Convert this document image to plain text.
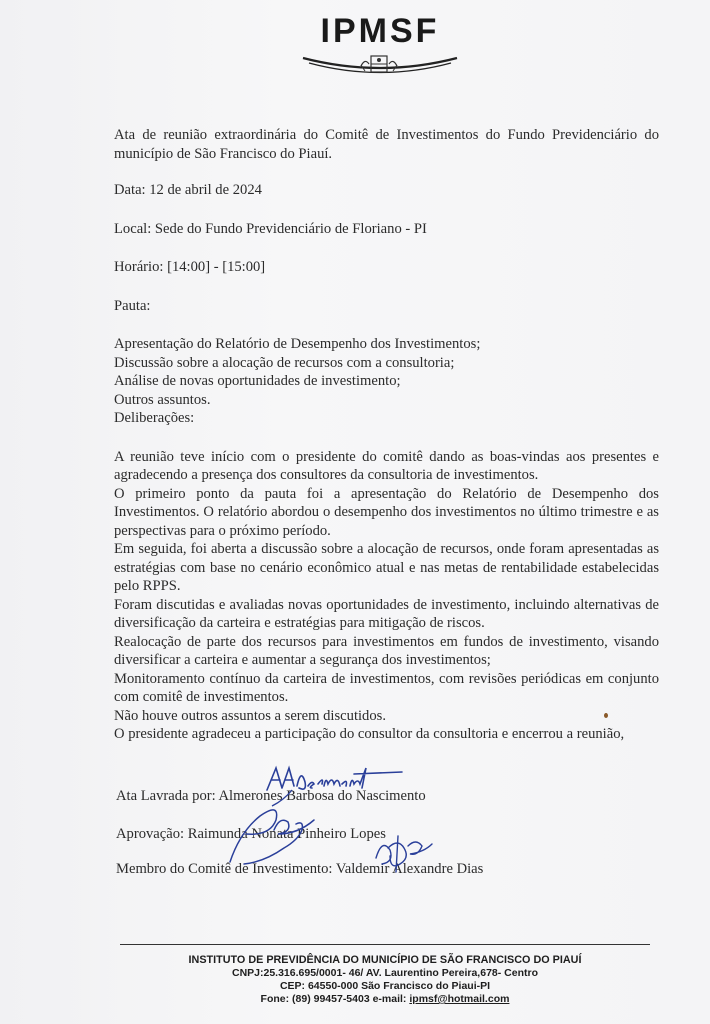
IPMSF

Ata de reunião extraordinária do Comitê de Investimentos do Fundo Previdenciário do município de São Francisco do Piauí.

Data: 12 de abril de 2024

Local: Sede do Fundo Previdenciário de Floriano - PI

Horário: [14:00] - [15:00]

Pauta:

Apresentação do Relatório de Desempenho dos Investimentos;

Discussão sobre a alocação de recursos com a consultoria;

Análise de novas oportunidades de investimento;

Outros assuntos.

Deliberações:

A reunião teve início com o presidente do comitê dando as boas-vindas aos presentes e agradecendo a presença dos consultores da consultoria de investimentos.

O primeiro ponto da pauta foi a apresentação do Relatório de Desempenho dos Investimentos. O relatório abordou o desempenho dos investimentos no último trimestre e as perspectivas para o próximo período.

Em seguida, foi aberta a discussão sobre a alocação de recursos, onde foram apresentadas as estratégias com base no cenário econômico atual e nas metas de rentabilidade estabelecidas pelo RPPS.

Foram discutidas e avaliadas novas oportunidades de investimento, incluindo alternativas de diversificação da carteira e estratégias para mitigação de riscos.

Realocação de parte dos recursos para investimentos em fundos de investimento, visando diversificar a carteira e aumentar a segurança dos investimentos;

Monitoramento contínuo da carteira de investimentos, com revisões periódicas em conjunto com comitê de investimentos.

Não houve outros assuntos a serem discutidos.

O presidente agradeceu a participação do consultor da consultoria e encerrou a reunião,

Ata Lavrada por: Almerones Barbosa do Nascimento
Aprovação: Raimunda Nonata Pinheiro Lopes
Membro do Comitê de Investimento: Valdemir Alexandre Dias
INSTITUTO DE PREVIDÊNCIA DO MUNICÍPIO DE SÃO FRANCISCO DO PIAUÍ
CNPJ:25.316.695/0001- 46/ AV. Laurentino Pereira,678- Centro
CEP: 64550-000 São Francisco do Piaui-PI
Fone: (89) 99457-5403 e-mail: ipmsf@hotmail.com
